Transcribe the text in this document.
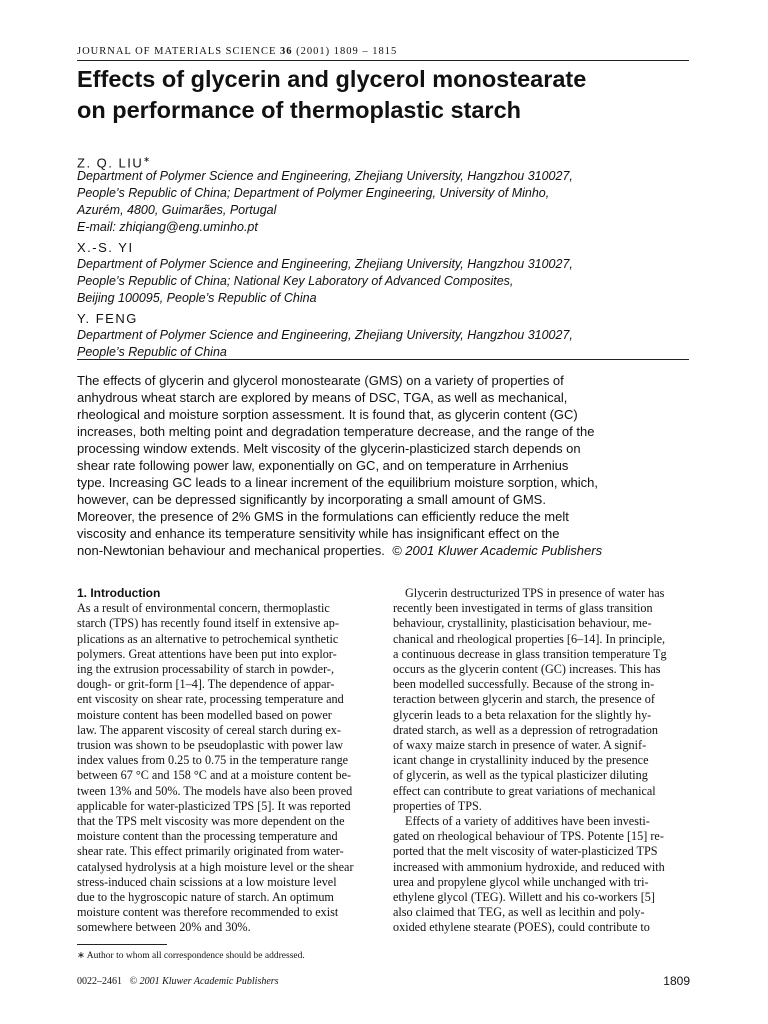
JOURNAL OF MATERIALS SCIENCE 36 (2001) 1809 – 1815
Effects of glycerin and glycerol monostearate
on performance of thermoplastic starch
Z. Q. LIU∗
Department of Polymer Science and Engineering, Zhejiang University, Hangzhou 310027,
People’s Republic of China; Department of Polymer Engineering, University of Minho,
Azurém, 4800, Guimarães, Portugal
E-mail: zhiqiang@eng.uminho.pt
X.-S. YI
Department of Polymer Science and Engineering, Zhejiang University, Hangzhou 310027,
People’s Republic of China; National Key Laboratory of Advanced Composites,
Beijing 100095, People’s Republic of China
Y. FENG
Department of Polymer Science and Engineering, Zhejiang University, Hangzhou 310027,
People’s Republic of China
The effects of glycerin and glycerol monostearate (GMS) on a variety of properties of
anhydrous wheat starch are explored by means of DSC, TGA, as well as mechanical,
rheological and moisture sorption assessment. It is found that, as glycerin content (GC)
increases, both melting point and degradation temperature decrease, and the range of the
processing window extends. Melt viscosity of the glycerin-plasticized starch depends on
shear rate following power law, exponentially on GC, and on temperature in Arrhenius
type. Increasing GC leads to a linear increment of the equilibrium moisture sorption, which,
however, can be depressed significantly by incorporating a small amount of GMS.
Moreover, the presence of 2% GMS in the formulations can efficiently reduce the melt
viscosity and enhance its temperature sensitivity while has insignificant effect on the
non-Newtonian behaviour and mechanical properties. © 2001 Kluwer Academic Publishers
1. Introduction
As a result of environmental concern, thermoplastic
starch (TPS) has recently found itself in extensive ap-
plications as an alternative to petrochemical synthetic
polymers. Great attentions have been put into explor-
ing the extrusion processability of starch in powder-,
dough- or grit-form [1–4]. The dependence of appar-
ent viscosity on shear rate, processing temperature and
moisture content has been modelled based on power
law. The apparent viscosity of cereal starch during ex-
trusion was shown to be pseudoplastic with power law
index values from 0.25 to 0.75 in the temperature range
between 67 °C and 158 °C and at a moisture content be-
tween 13% and 50%. The models have also been proved
applicable for water-plasticized TPS [5]. It was reported
that the TPS melt viscosity was more dependent on the
moisture content than the processing temperature and
shear rate. This effect primarily originated from water-
catalysed hydrolysis at a high moisture level or the shear
stress-induced chain scissions at a low moisture level
due to the hygroscopic nature of starch. An optimum
moisture content was therefore recommended to exist
somewhere between 20% and 30%.
Glycerin destructurized TPS in presence of water has
recently been investigated in terms of glass transition
behaviour, crystallinity, plasticisation behaviour, me-
chanical and rheological properties [6–14]. In principle,
a continuous decrease in glass transition temperature Tg
occurs as the glycerin content (GC) increases. This has
been modelled successfully. Because of the strong in-
teraction between glycerin and starch, the presence of
glycerin leads to a beta relaxation for the slightly hy-
drated starch, as well as a depression of retrogradation
of waxy maize starch in presence of water. A signif-
icant change in crystallinity induced by the presence
of glycerin, as well as the typical plasticizer diluting
effect can contribute to great variations of mechanical
properties of TPS.
Effects of a variety of additives have been investi-
gated on rheological behaviour of TPS. Potente [15] re-
ported that the melt viscosity of water-plasticized TPS
increased with ammonium hydroxide, and reduced with
urea and propylene glycol while unchanged with tri-
ethylene glycol (TEG). Willett and his co-workers [5]
also claimed that TEG, as well as lecithin and poly-
oxided ethylene stearate (POES), could contribute to
∗ Author to whom all correspondence should be addressed.
0022–2461 © 2001 Kluwer Academic Publishers	1809
